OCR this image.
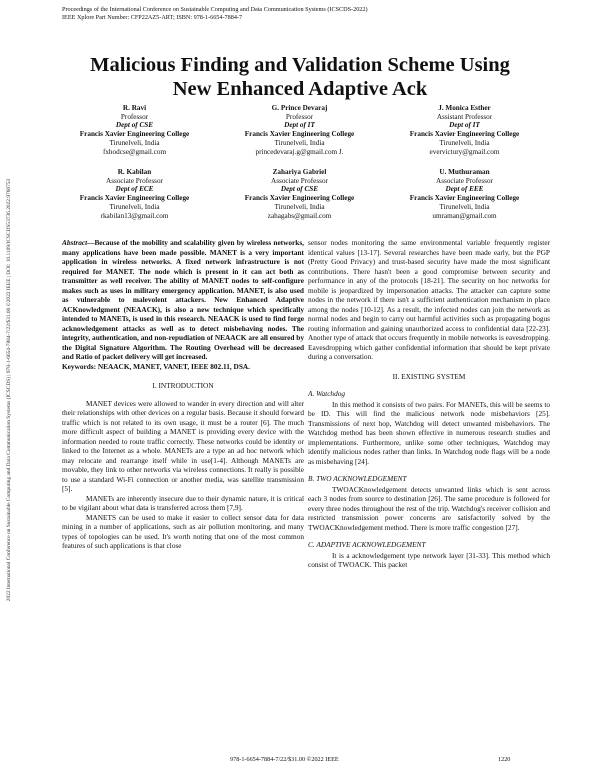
Proceedings of the International Conference on Sustainable Computing and Data Communication Systems (ICSCDS-2022)
IEEE Xplore Part Number: CFP22AZ5-ART; ISBN: 978-1-6654-7884-7
Malicious Finding and Validation Scheme Using
New Enhanced Adaptive Ack
R. Ravi
Professor
Dept of CSE
Francis Xavier Engineering College
Tirunelveli, India
fxhodcse@gmail.com
G. Prince Devaraj
Professor
Dept of IT
Francis Xavier Engineering College
Tirunelveli, India
princedevaraj.g@gmail.com J.
J. Monica Esther
Assistant Professor
Dept of IT
Francis Xavier Engineering College
Tirunelveli, India
evervictury@gmail.com
R. Kabilan
Associate Professor
Dept of ECE
Francis Xavier Engineering College
Tirunelveli, India
rkabilan13@gmail.com
Zahariya Gabriel
Associate Professor
Dept of CSE
Francis Xavier Engineering College
Tirunelveli, India
zahagabs@gmail.com
U. Muthuraman
Associate Professor
Dept of EEE
Francis Xavier Engineering College
Tirunelveli, India
umraman@gmail.com
2022 International Conference on Sustainable Computing and Data Communication Systems (ICSCDS) | 978-1-6654-7884-7/22/$31.00 ©2022 IEEE | DOI: 10.1109/ICSCDS53736.2022.9760753	Abstract—Because of the mobility and scalability given by wireless networks, many applications have been made possible. MANET is a very important application in wireless networks. A fixed network infrastructure is not required for MANET. The node which is present in it can act both as transmitter as well receiver. The ability of MANET nodes to self-configure makes such as uses in military emergency application. MANET, is also used as vulnerable to malevolent attackers. New Enhanced Adaptive ACKnowledgment (NEAACK), is also a new technique which specifically intended to MANETs, is used in this research. NEAACK is used to find forge acknowledgement attacks as well as to detect misbehaving nodes. The integrity, authentication, and non-repudiation of NEAACK are all ensured by the Digital Signature Algorithm. The Routing Overhead will be decreased and Ratio of packet delivery will get increased.

Keywords: NEAACK, MANET, VANET, IEEE 802.11, DSA.

I. INTRODUCTION

MANET devices were allowed to wander in every direction and will alter their relationships with other devices on a regular basis. Because it should forward traffic which is not related to its own usage, it must be a router [6]. The much more difficult aspect of building a MANET is providing every device with the information needed to route traffic correctly. These networks could be identity or linked to the Internet as a whole. MANETs are a type an ad hoc network which may relocate and rearrange itself while in use[1-4]. Although MANETs are movable, they link to other networks via wireless connections. It really is possible to use a standard Wi-Fi connection or another media, was satellite transmission [5].

MANETs are inherently insecure due to their dynamic nature, it is critical to be vigilant about what data is transferred across them [7,9].

MANETS can be used to make it easier to collect sensor data for data mining in a number of applications, such as air pollution monitoring, and many types of topologies can be used. It's worth noting that one of the most common features of such applications is that close

sensor nodes monitoring the same environmental variable frequently register identical values [13-17]. Several researches have been made early, but the PGP (Pretty Good Privacy) and trust-based security have made the most significant contributions. There hasn't been a good compromise between security and performance in any of the protocols [18-21]. The security on hoc networks for mobile is jeopardized by impersonation attacks. The attacker can capture some nodes in the network if there isn't a sufficient authentication mechanism in place among the nodes [10-12]. As a result, the infected nodes can join the network as normal nodes and begin to carry out harmful activities such as propagating bogus routing information and gaining unauthorized access to confidential data [22-23]. Another type of attack that occurs frequently in mobile networks is eavesdropping. Eavesdropping which gather confidential information that should be kept private during a conversation.

II. EXISTING SYSTEM

A. Watchdog

In this method it consists of two pairs. For MANETs, this will be seems to be ID. This will find the malicious network node misbehaviors [25]. Transmissions of next hop, Watchdog will detect unwanted misbehaviors. The Watchdog method has been shown effective in numerous research studies and implementations. Furthermore, unlike some other techniques, Watchdog may identify malicious nodes rather than links. In Watchdog node flags will be a node as misbehaving [24].

B. TWO ACKNOWLEDGEMENT

TWOACKnowledgement detects unwanted links which is sent across each 3 nodes from source to destination [26]. The same procedure is followed for every three nodes throughout the rest of the trip. Watchdog's receiver collision and restricted transmission power concerns are satisfactorily solved by the TWOACKnowledgement method. There is more traffic congestion [27].

C. ADAPTIVE ACKNOWLEDGEMENT

It is a acknowledgement type network layer [31-33]. This method which consist of TWOACK. This packet

978-1-6654-7884-7/22/$31.00 ©2022 IEEE	1220
